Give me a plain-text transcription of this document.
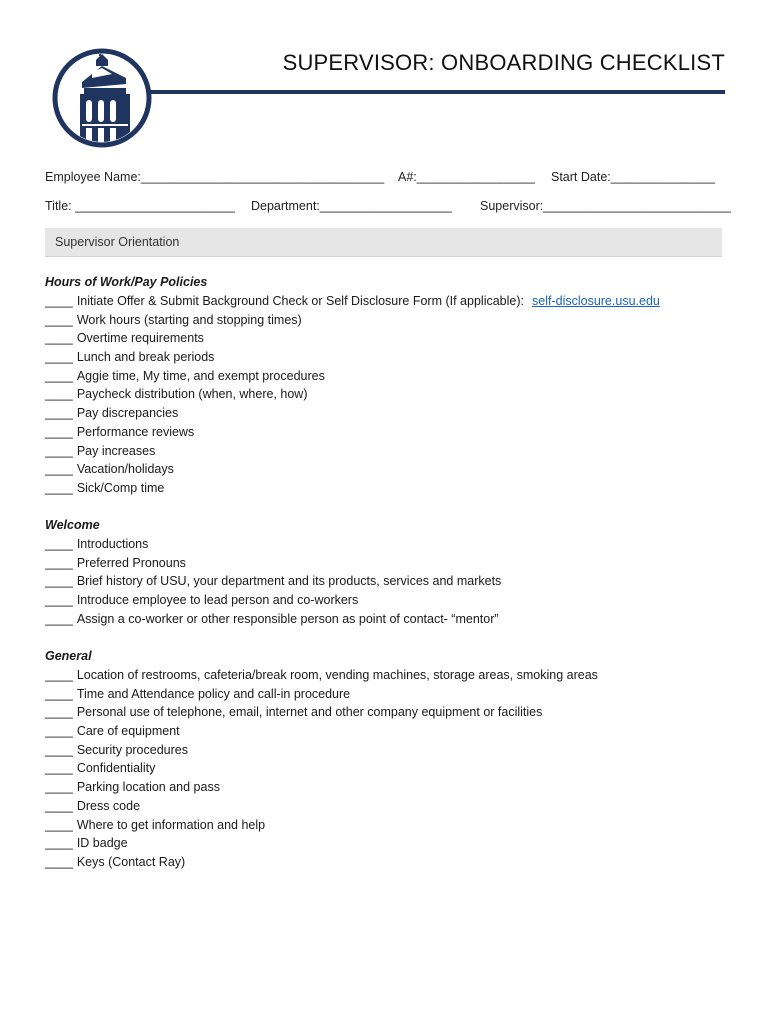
SUPERVISOR: ONBOARDING CHECKLIST
Employee Name:___________________________________ A#:_________________ Start Date:_______________
Title: _______________________ Department:___________________ Supervisor:___________________________
Supervisor Orientation
Hours of Work/Pay Policies
____ Initiate Offer & Submit Background Check or Self Disclosure Form (If applicable): self-disclosure.usu.edu
____ Work hours (starting and stopping times)
____ Overtime requirements
____ Lunch and break periods
____ Aggie time, My time, and exempt procedures
____ Paycheck distribution (when, where, how)
____ Pay discrepancies
____ Performance reviews
____ Pay increases
____ Vacation/holidays
____ Sick/Comp time
Welcome
____ Introductions
____ Preferred Pronouns
____ Brief history of USU, your department and its products, services and markets
____ Introduce employee to lead person and co-workers
____ Assign a co-worker or other responsible person as point of contact- “mentor”
General
____ Location of restrooms, cafeteria/break room, vending machines, storage areas, smoking areas
____ Time and Attendance policy and call-in procedure
____ Personal use of telephone, email, internet and other company equipment or facilities
____ Care of equipment
____ Security procedures
____ Confidentiality
____ Parking location and pass
____ Dress code
____ Where to get information and help
____ ID badge
____ Keys (Contact Ray)
